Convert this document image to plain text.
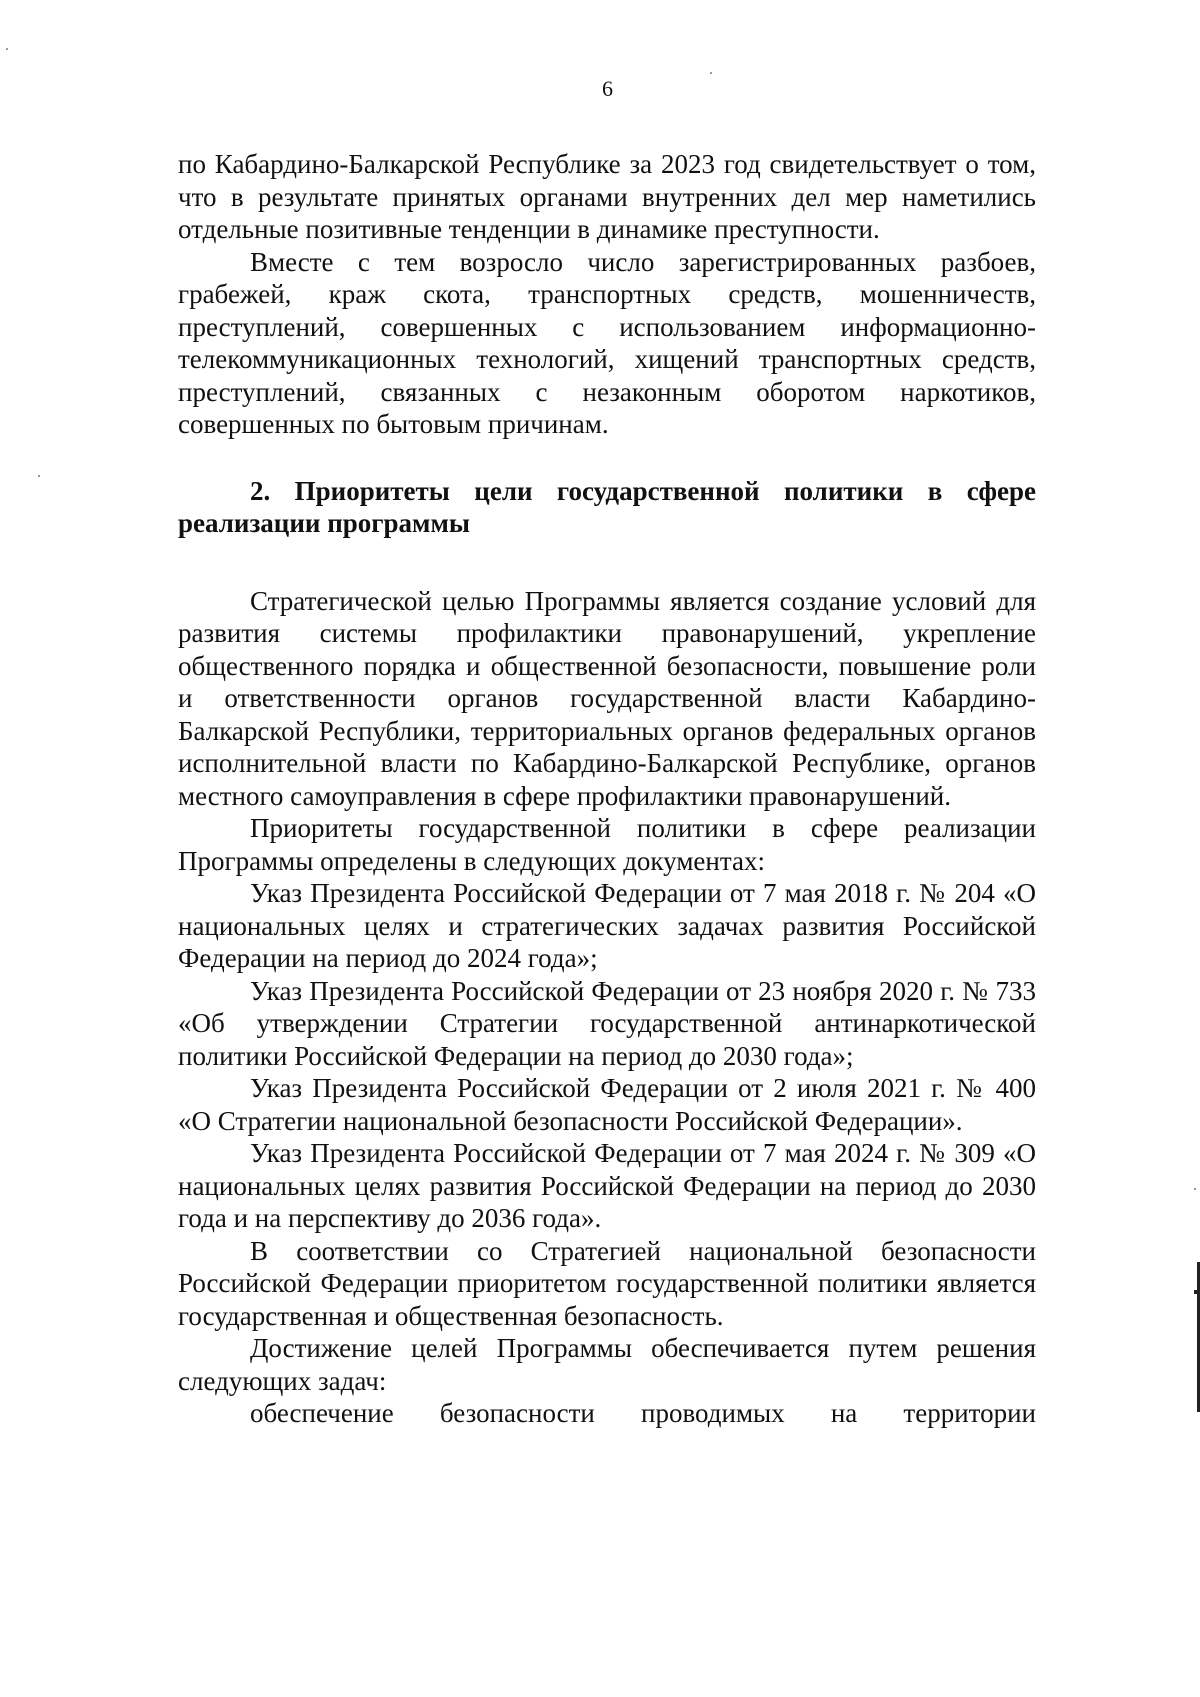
6

по Кабардино-Балкарской Республике за 2023 год свидетельствует о том, что в результате принятых органами внутренних дел мер наметились отдельные позитивные тенденции в динамике преступности.

Вместе с тем возросло число зарегистрированных разбоев, грабежей, краж скота, транспортных средств, мошенничеств, преступлений, совершенных с использованием информационно-телекоммуникационных технологий, хищений транспортных средств, преступлений, связанных с незаконным оборотом наркотиков, совершенных по бытовым причинам.

2. Приоритеты цели государственной политики в сфере реализации программы

Стратегической целью Программы является создание условий для развития системы профилактики правонарушений, укрепление общественного порядка и общественной безопасности, повышение роли и ответственности органов государственной власти Кабардино-Балкарской Республики, территориальных органов федеральных органов исполнительной власти по Кабардино-Балкарской Республике, органов местного самоуправления в сфере профилактики правонарушений.

Приоритеты государственной политики в сфере реализации Программы определены в следующих документах:

Указ Президента Российской Федерации от 7 мая 2018 г. № 204 «О национальных целях и стратегических задачах развития Российской Федерации на период до 2024 года»;

Указ Президента Российской Федерации от 23 ноября 2020 г. № 733 «Об утверждении Стратегии государственной антинаркотической политики Российской Федерации на период до 2030 года»;

Указ Президента Российской Федерации от 2 июля 2021 г. № 400 «О Стратегии национальной безопасности Российской Федерации».

Указ Президента Российской Федерации от 7 мая 2024 г. № 309 «О национальных целях развития Российской Федерации на период до 2030 года и на перспективу до 2036 года».

В соответствии со Стратегией национальной безопасности Российской Федерации приоритетом государственной политики является государственная и общественная безопасность.

Достижение целей Программы обеспечивается путем решения следующих задач:

обеспечение безопасности проводимых на территории
